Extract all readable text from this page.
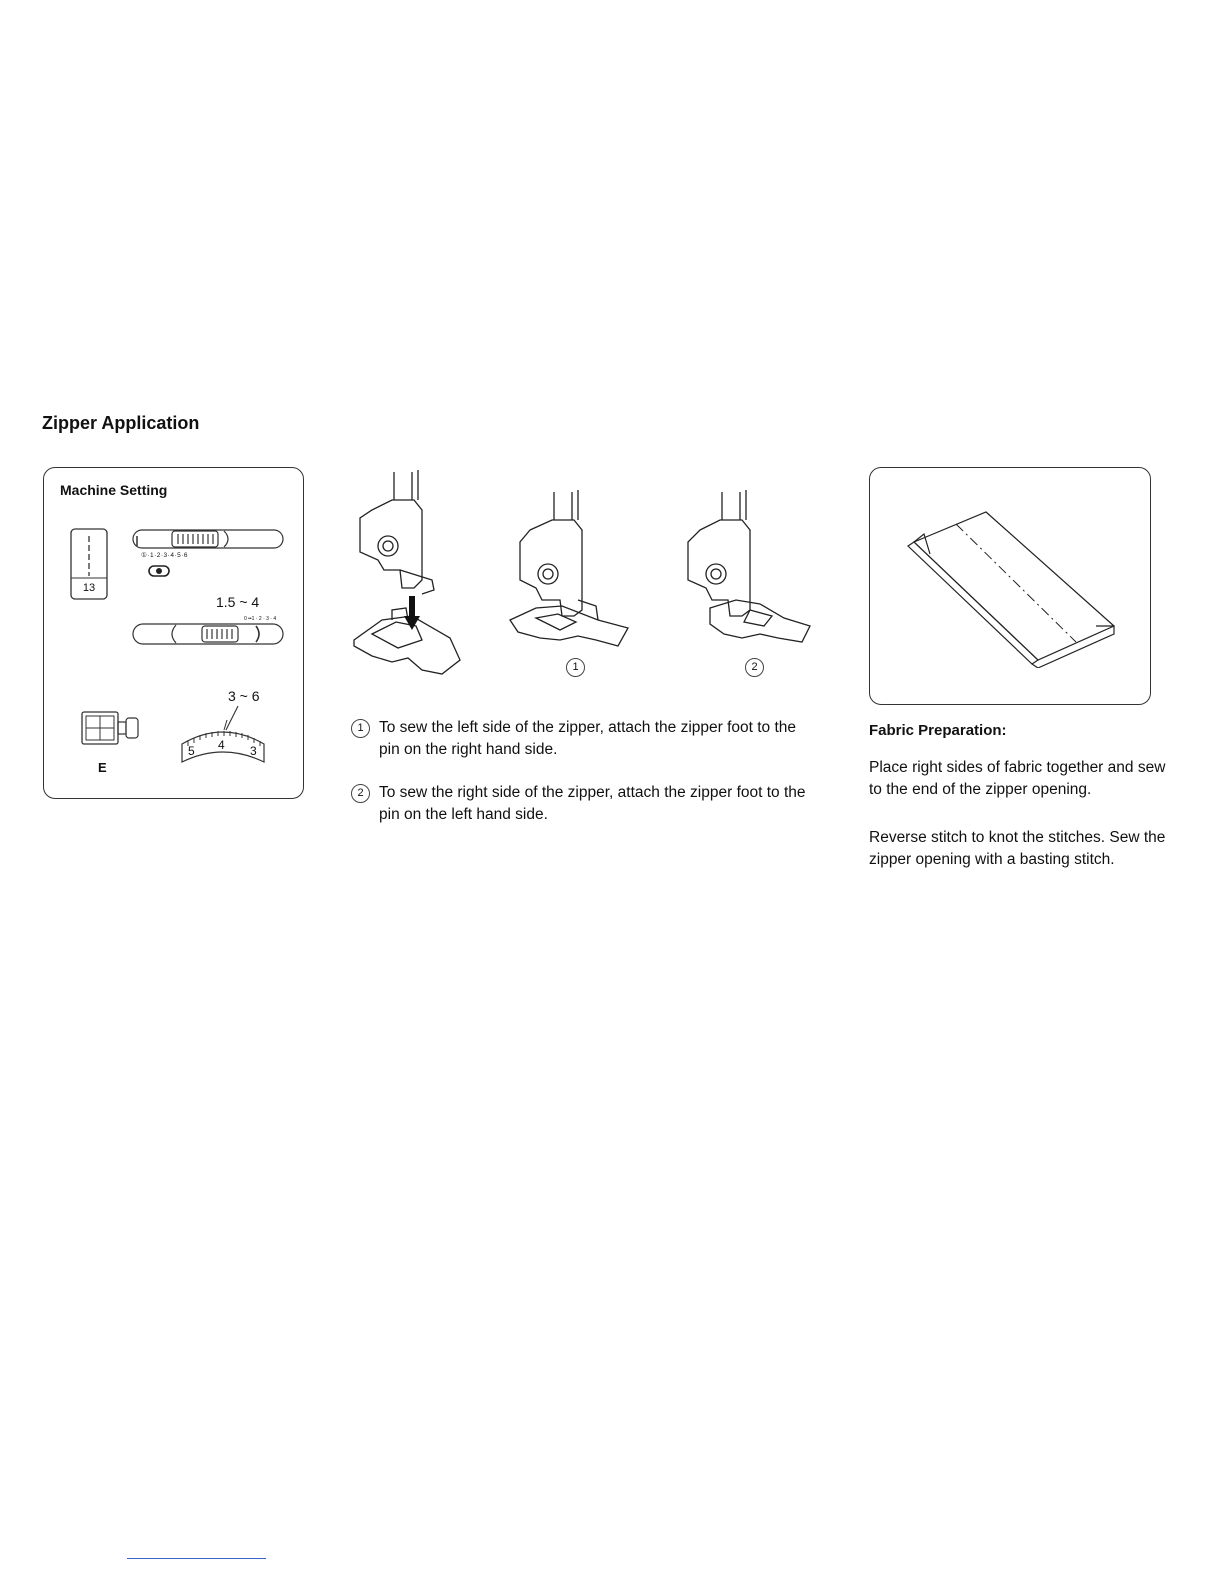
Zipper Application
Machine Setting
13
①·1·2·3·4·5·6
1.5 ~ 4
0 ••1 · 2 · 3 · 4
3 ~ 6
5 4 3
E
1	2
1 To sew the left side of the zipper, attach the zipper foot to the pin on the right hand side.
2 To sew the right side of the zipper, attach the zipper foot to the pin on the left hand side.
Fabric Preparation:

Place right sides of fabric together and sew to the end of the zipper opening.

Reverse stitch to knot the stitches. Sew the zipper opening with a basting stitch.
